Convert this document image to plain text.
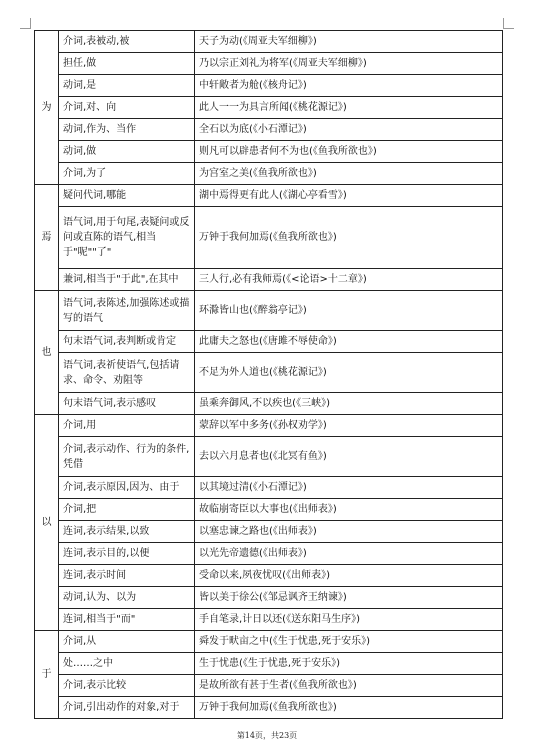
为	介词,表被动,被	天子为动(《周亚夫军细柳》)
	担任,做	乃以宗正刘礼为将军(《周亚夫军细柳》)
	动词,是	中轩敞者为舱(《核舟记》)
	介词,对、向	此人一一为具言所闻(《桃花源记》)
	动词,作为、当作	全石以为底(《小石潭记》)
	动词,做	则凡可以辟患者何不为也(《鱼我所欲也》)
	介词,为了	为宫室之美(《鱼我所欲也》)
焉	疑问代词,哪能	湖中焉得更有此人(《湖心亭看雪》)
	语气词,用于句尾,表疑问或反问或直陈的语气,相当于"呢""了"	万钟于我何加焉(《鱼我所欲也》)
	兼词,相当于"于此",在其中	三人行,必有我师焉(《<论语>十二章》)
也	语气词,表陈述,加强陈述或描写的语气	环滁皆山也(《醉翁亭记》)
	句末语气词,表判断或肯定	此庸夫之怒也(《唐雎不辱使命》)
	语气词,表祈使语气,包括请求、命令、劝阻等	不足为外人道也(《桃花源记》)
	句末语气词,表示感叹	虽乘奔御风,不以疾也(《三峡》)
以	介词,用	蒙辞以军中多务(《孙权劝学》)
	介词,表示动作、行为的条件,凭借	去以六月息者也(《北冥有鱼》)
	介词,表示原因,因为、由于	以其境过清(《小石潭记》)
	介词,把	故临崩寄臣以大事也(《出师表》)
	连词,表示结果,以致	以塞忠谏之路也(《出师表》)
	连词,表示目的,以便	以光先帝遗德(《出师表》)
	连词,表示时间	受命以来,夙夜忧叹(《出师表》)
	动词,认为、以为	皆以美于徐公(《邹忌讽齐王纳谏》)
	连词,相当于"而"	手自笔录,计日以还(《送东阳马生序》)
于	介词,从	舜发于畎亩之中(《生于忧患,死于安乐》)
	处……之中	生于忧患(《生于忧患,死于安乐》)
	介词,表示比较	是故所欲有甚于生者(《鱼我所欲也》)
	介词,引出动作的对象,对于	万钟于我何加焉(《鱼我所欲也》)
第14页，共23页
